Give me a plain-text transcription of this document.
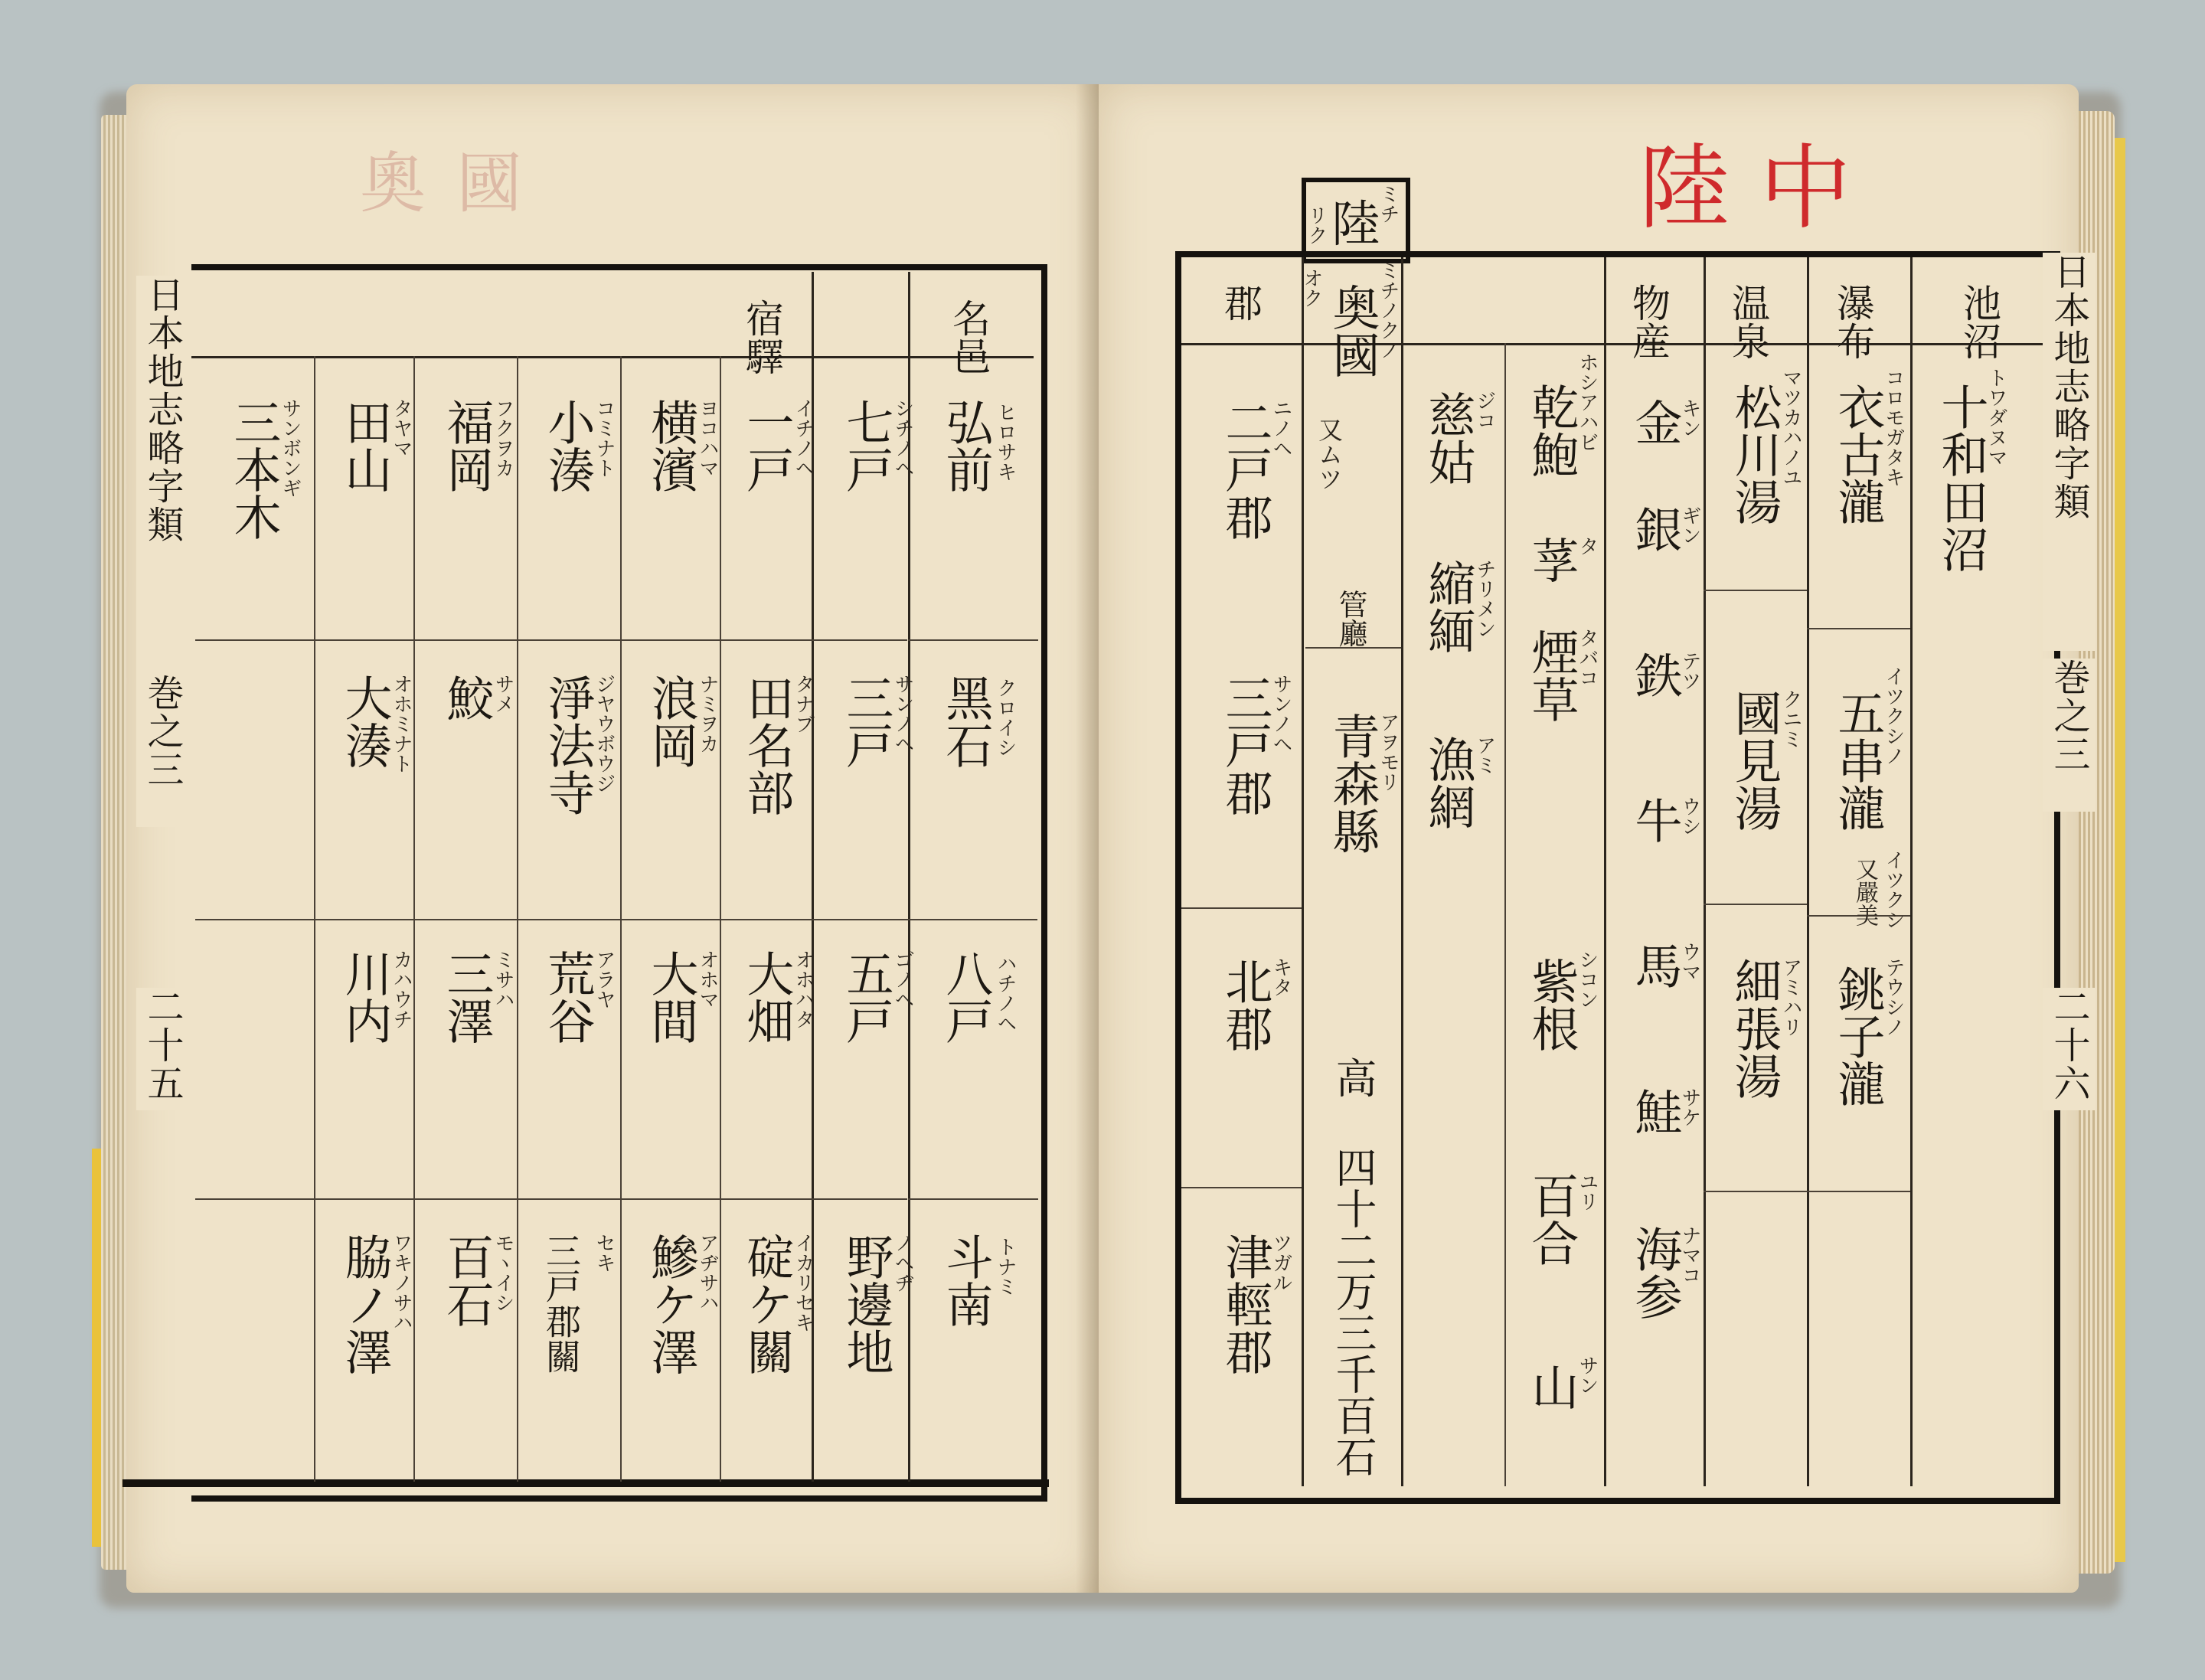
奧國
日本地志略字類
巻之三
二十五
名邑
宿驛
弘前 ヒロサキ
黑石 クロイシ
八戸 ハチノヘ
斗南 トナミ
七戸
シチノヘ
三戸
サンノヘ
五戸
ゴノヘ
野邊地
ノヘヂ
一戸
イチノヘ
田名部
タナブ
大畑
オホハタ
碇ケ關
イカリセキ
横濱
ヨコハマ
浪岡
ナミヲカ
大間
オホマ
鰺ケ澤
アヂサハ
小湊
コミナト
淨法寺
ジヤウボウジ
荒谷
アラヤ
三戸郡關 セキ
福岡
フクヲカ
鮫
サメ
三澤
ミサハ
百石
モヽイシ
田山
タヤマ
大湊
オホミナト
川内
カハウチ
脇ノ澤
ワキノサハ
三本木
サンボンギ
陸 中
陸
ミチ
リク
日本地志略字類
巻之三
二十六
池沼
瀑布
温泉
物産
郡 奥國
ミチノクノ
又ムツ
オク
管廳
青森縣
アヲモリ
高 四十二万三千百石
二戸郡
ニノヘ
三戸郡
サンノヘ
北郡
キタ
津輕郡
ツガル
慈姑
ジコ
縮緬
チリメン
漁網
アミ
乾鮑
ホシアハビ
莩
タ
煙草
タバコ
紫根
シコン
百合
ユリ
山
サン
金
キン
銀
ギン
鉄
テツ
牛
ウシ
馬
ウマ
鮭
サケ
海参
ナマコ
松川湯
マツカハノユ
國見湯
クニミ
細張湯
アミハリ
衣古瀧
コロモガタキ
五串瀧
イツクシノ
又嚴美 イツクシ
銚子瀧
テウシノ
十和田沼
トワダヌマ
